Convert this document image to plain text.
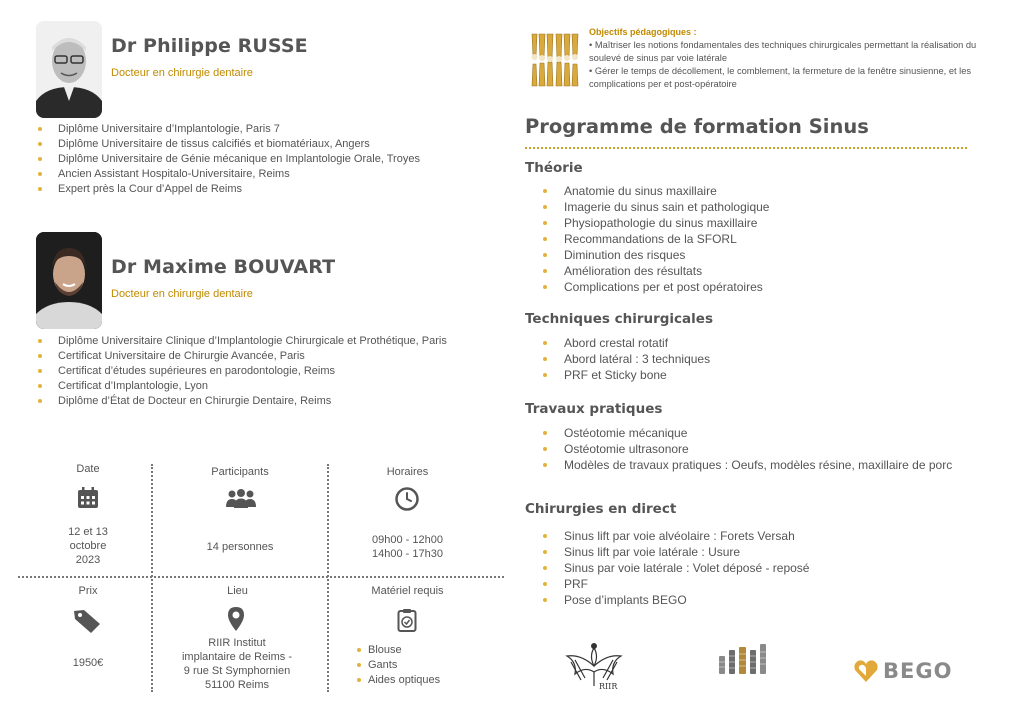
Dr Philippe RUSSE
Docteur en chirurgie dentaire
Diplôme Universitaire d’Implantologie, Paris 7
Diplôme Universitaire de tissus calcifiés et biomatériaux, Angers
Diplôme Universitaire de Génie mécanique en Implantologie Orale, Troyes
Ancien Assistant Hospitalo-Universitaire, Reims
Expert près la Cour d’Appel de Reims
Dr Maxime BOUVART
Docteur en chirurgie dentaire
Diplôme Universitaire Clinique d’Implantologie Chirurgicale et Prothétique, Paris
Certificat Universitaire de Chirurgie Avancée, Paris
Certificat d’études supérieures en parodontologie, Reims
Certificat d’Implantologie, Lyon
Diplôme d’État de Docteur en Chirurgie Dentaire, Reims
Date
12 et 13
octobre
2023
Participants
14 personnes
Horaires
09h00 - 12h00
14h00 - 17h30
Prix
1950€
Lieu
RIIR Institut
implantaire de Reims -
9 rue St Symphornien
51100 Reims
Matériel requis
Blouse
Gants
Aides optiques
Objectifs pédagogiques :
• Maîtriser les notions fondamentales des techniques chirurgicales permettant la réalisation du soulevé de sinus par voie latérale
• Gérer le temps de décollement, le comblement, la fermeture de la fenêtre sinusienne, et les complications per et post-opératoire
Programme de formation Sinus
Théorie
Anatomie du sinus maxillaire
Imagerie du sinus sain et pathologique
Physiopathologie du sinus maxillaire
Recommandations de la SFORL
Diminution des risques
Amélioration des résultats
Complications per et post opératoires
Techniques chirurgicales
Abord crestal rotatif
Abord latéral : 3 techniques
PRF et Sticky bone
Travaux pratiques
Ostéotomie mécanique
Ostéotomie ultrasonore
Modèles de travaux pratiques : Oeufs, modèles résine, maxillaire de porc
Chirurgies en direct
Sinus lift par voie alvéolaire : Forets Versah
Sinus lift par voie latérale : Usure
Sinus par voie latérale : Volet déposé - reposé
PRF
Pose d’implants BEGO
RIIR
BEGO
